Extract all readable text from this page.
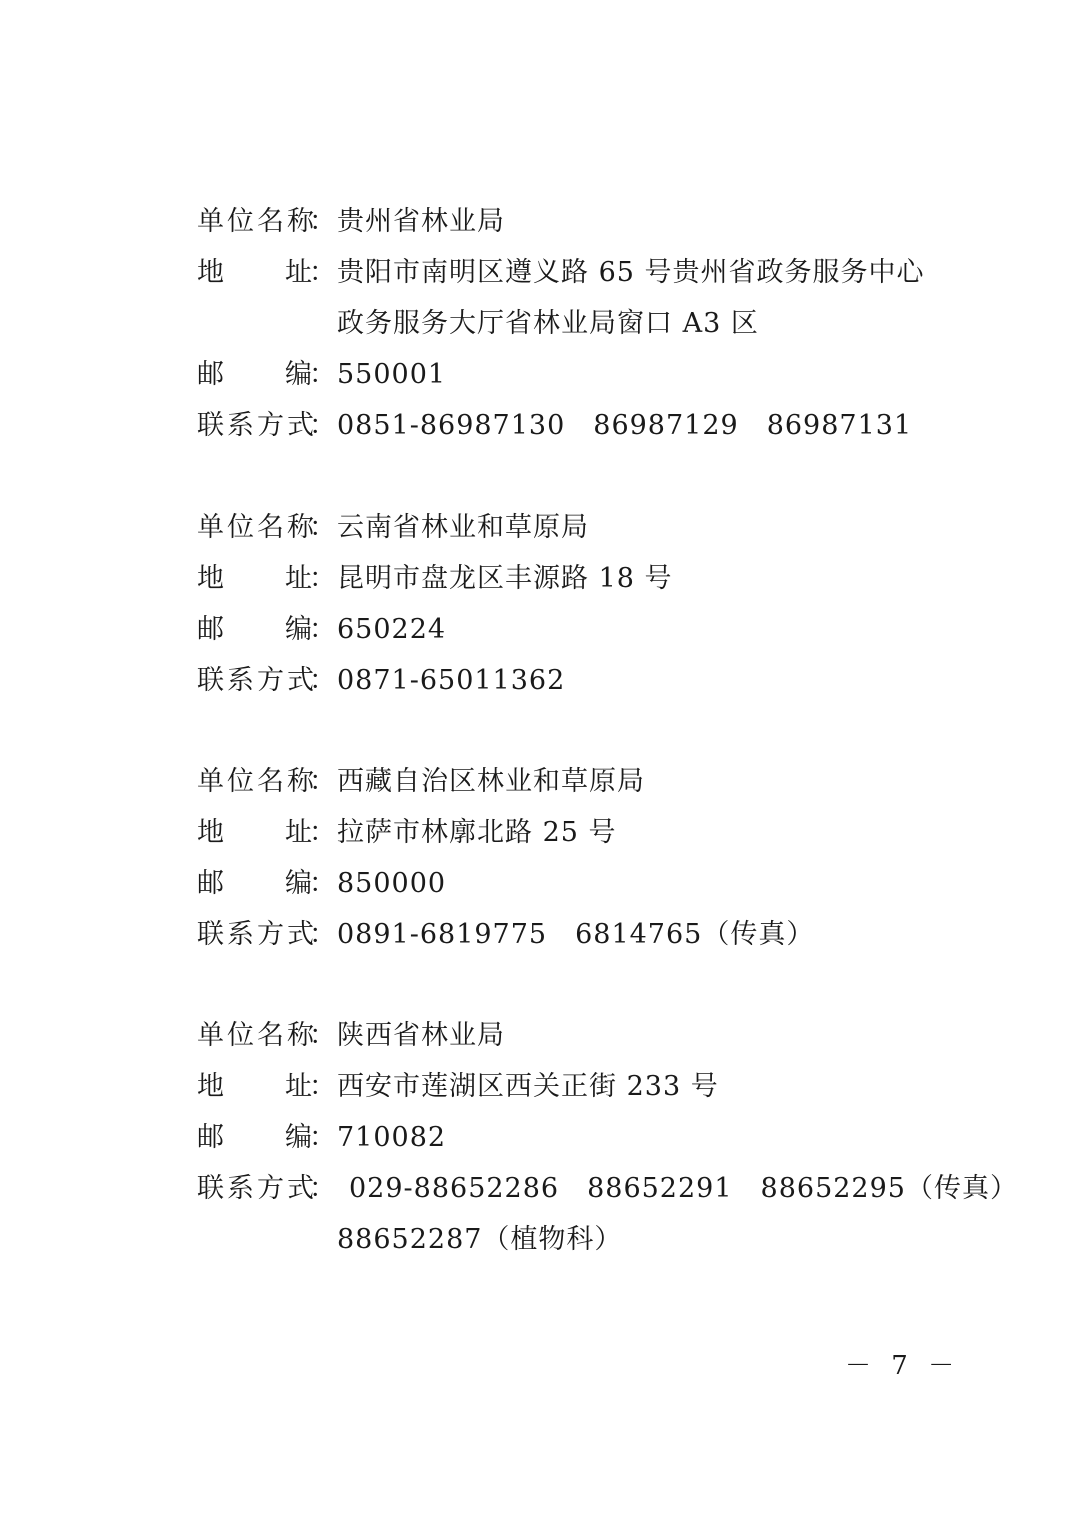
单位名称
： 贵州省林业局
地 址
： 贵阳市南明区遵义路 65 号贵州省政务服务中心
政务服务大厅省林业局窗口 A3 区
邮 编
： 550001
联系方式
： 0851-86987130 86987129 86987131
单位名称
： 云南省林业和草原局
地 址
： 昆明市盘龙区丰源路 18 号
邮 编
： 650224
联系方式
： 0871-65011362
单位名称
： 西藏自治区林业和草原局
地 址
： 拉萨市林廓北路 25 号
邮 编
： 850000
联系方式
： 0891-6819775 6814765（传真）
单位名称
： 陕西省林业局
地 址
： 西安市莲湖区西关正街 233 号
邮 编
： 710082
联系方式
： 029-88652286 88652291 88652295（传真）
88652287（植物科）
－ 7 －
